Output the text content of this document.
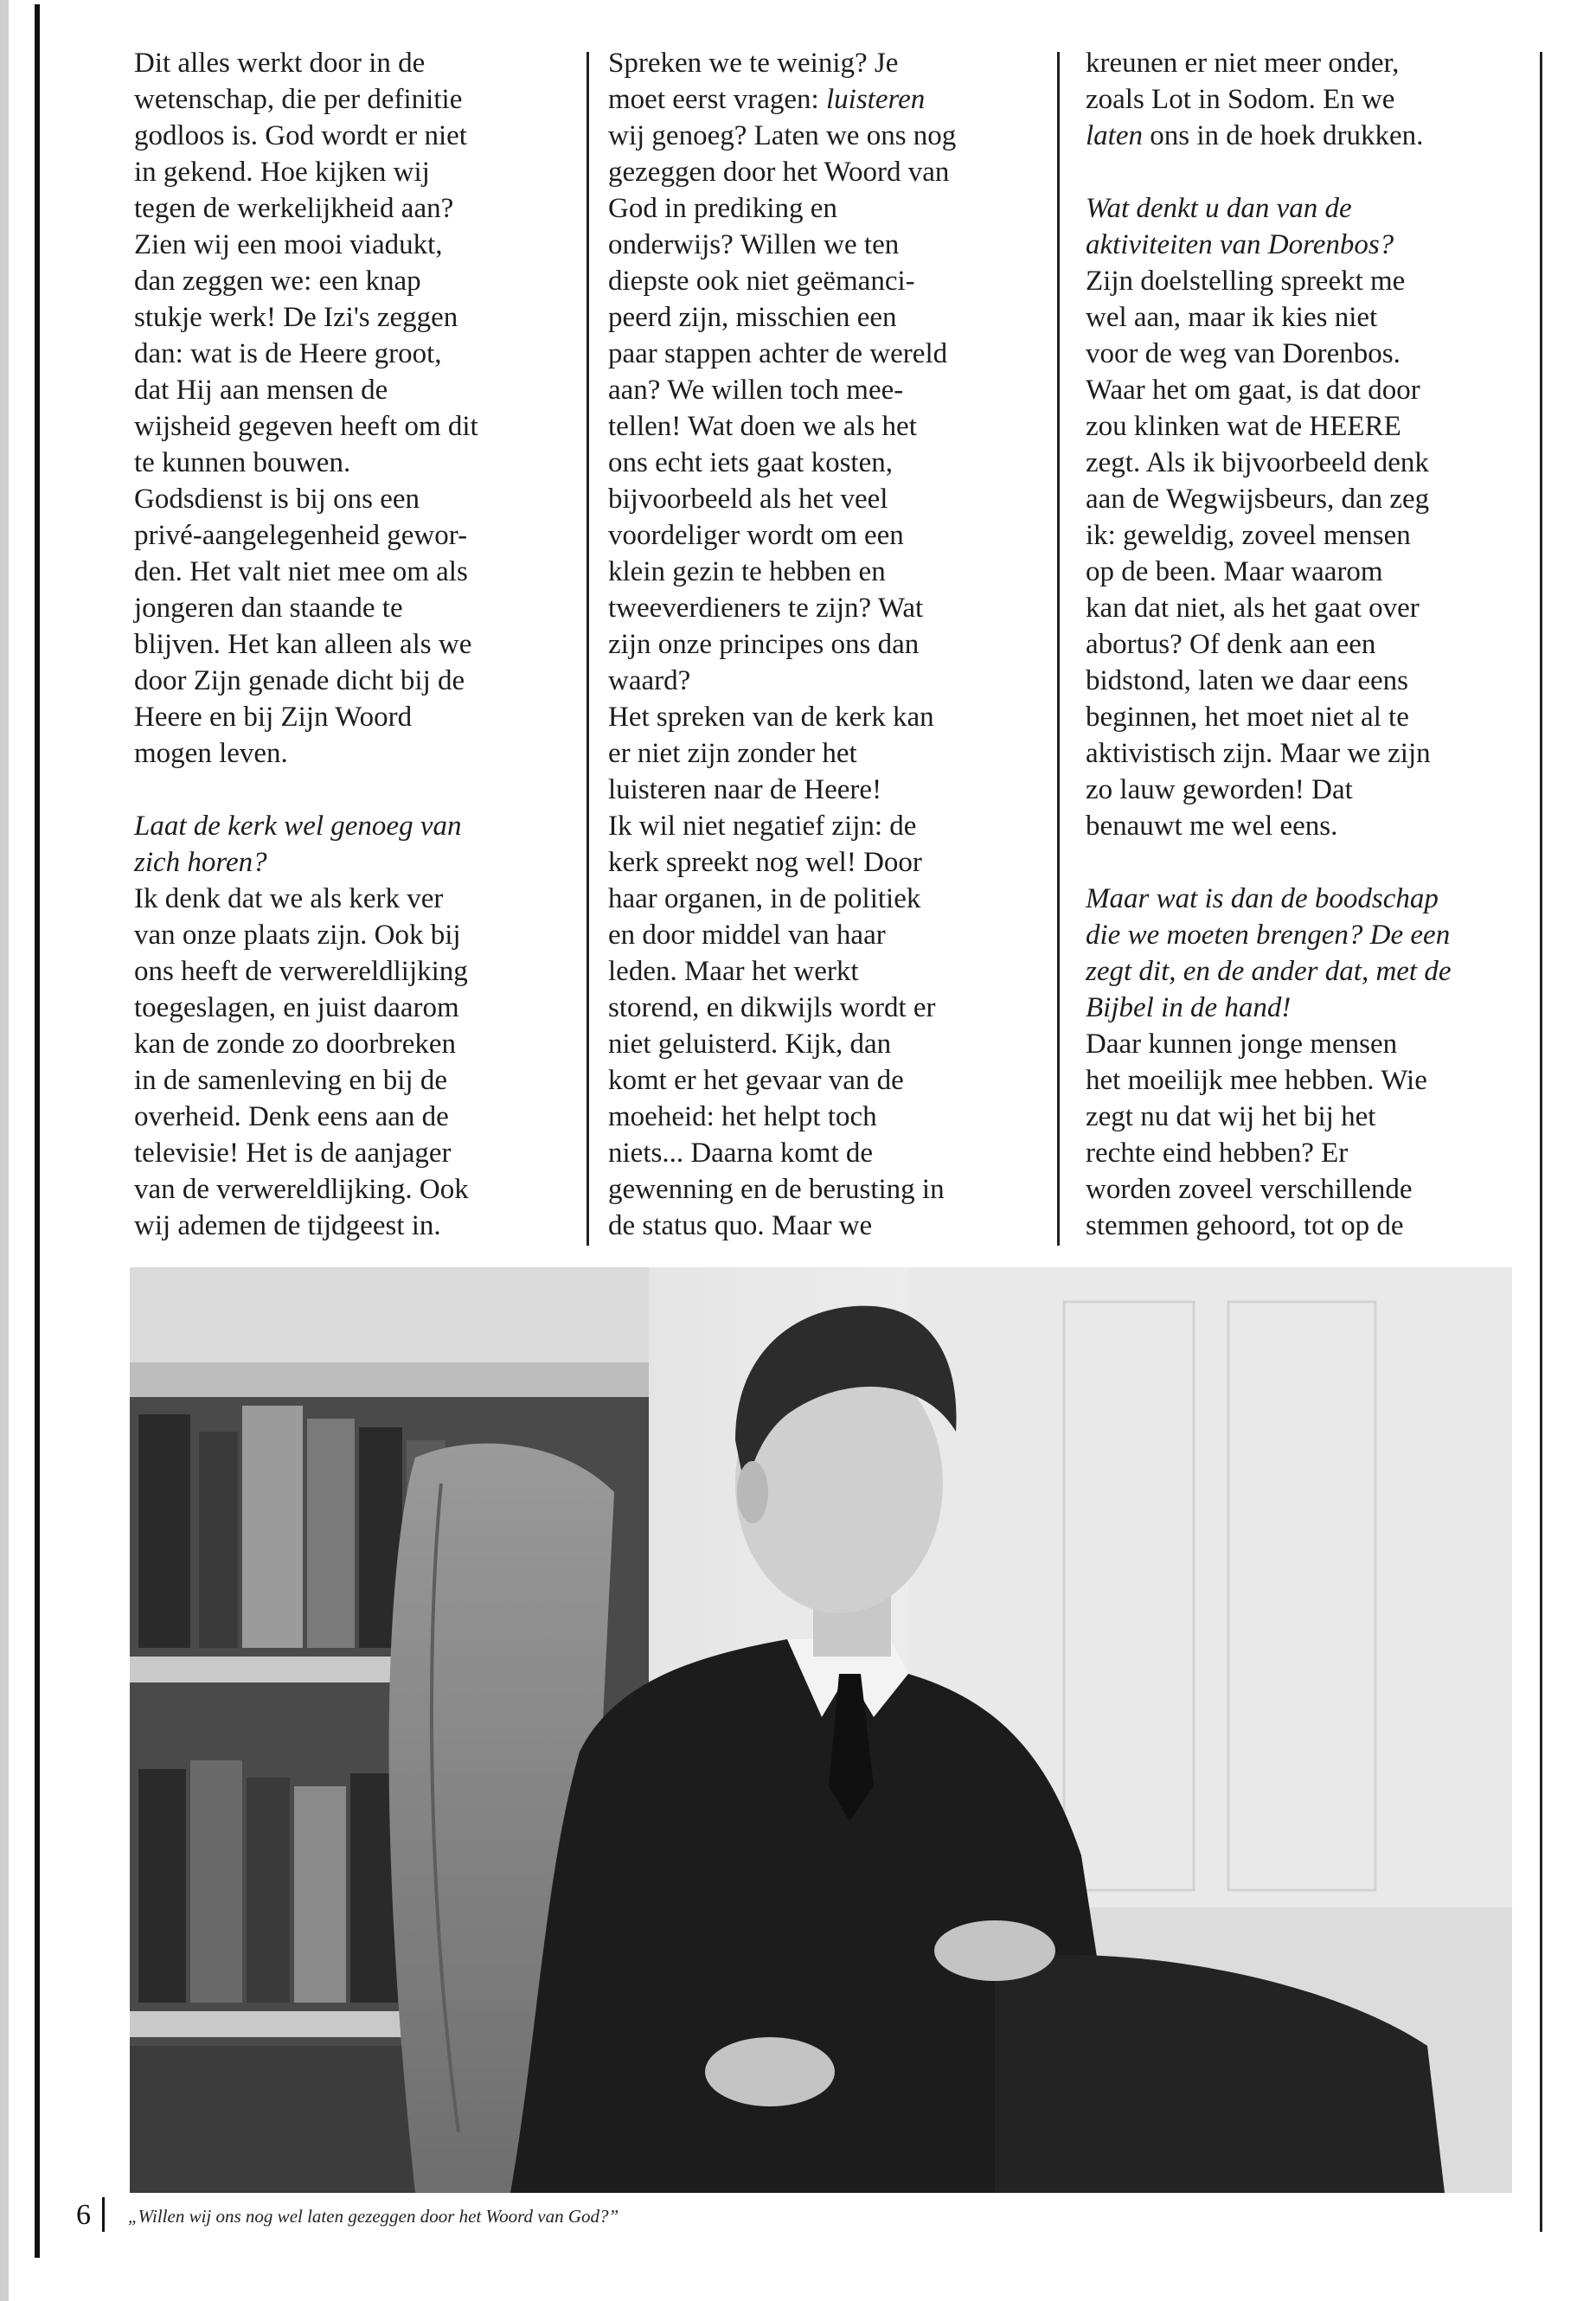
Dit alles werkt door in de
wetenschap, die per definitie
godloos is. God wordt er niet
in gekend. Hoe kijken wij
tegen de werkelijkheid aan?
Zien wij een mooi viadukt,
dan zeggen we: een knap
stukje werk! De Izi's zeggen
dan: wat is de Heere groot,
dat Hij aan mensen de
wijsheid gegeven heeft om dit
te kunnen bouwen.
Godsdienst is bij ons een
privé-aangelegenheid gewor-
den. Het valt niet mee om als
jongeren dan staande te
blijven. Het kan alleen als we
door Zijn genade dicht bij de
Heere en bij Zijn Woord
mogen leven.

Laat de kerk wel genoeg van
zich horen?

Ik denk dat we als kerk ver
van onze plaats zijn. Ook bij
ons heeft de verwereldlijking
toegeslagen, en juist daarom
kan de zonde zo doorbreken
in de samenleving en bij de
overheid. Denk eens aan de
televisie! Het is de aanjager
van de verwereldlijking. Ook
wij ademen de tijdgeest in.

Spreken we te weinig? Je
moet eerst vragen: luisteren
wij genoeg? Laten we ons nog
gezeggen door het Woord van
God in prediking en
onderwijs? Willen we ten
diepste ook niet geëmanci-
peerd zijn, misschien een
paar stappen achter de wereld
aan? We willen toch mee-
tellen! Wat doen we als het
ons echt iets gaat kosten,
bijvoorbeeld als het veel
voordeliger wordt om een
klein gezin te hebben en
tweeverdieners te zijn? Wat
zijn onze principes ons dan
waard?
Het spreken van de kerk kan
er niet zijn zonder het
luisteren naar de Heere!
Ik wil niet negatief zijn: de
kerk spreekt nog wel! Door
haar organen, in de politiek
en door middel van haar
leden. Maar het werkt
storend, en dikwijls wordt er
niet geluisterd. Kijk, dan
komt er het gevaar van de
moeheid: het helpt toch
niets... Daarna komt de
gewenning en de berusting in
de status quo. Maar we

kreunen er niet meer onder,
zoals Lot in Sodom. En we
laten ons in de hoek drukken.

Wat denkt u dan van de
aktiviteiten van Dorenbos?

Zijn doelstelling spreekt me
wel aan, maar ik kies niet
voor de weg van Dorenbos.
Waar het om gaat, is dat door
zou klinken wat de HEERE
zegt. Als ik bijvoorbeeld denk
aan de Wegwijsbeurs, dan zeg
ik: geweldig, zoveel mensen
op de been. Maar waarom
kan dat niet, als het gaat over
abortus? Of denk aan een
bidstond, laten we daar eens
beginnen, het moet niet al te
aktivistisch zijn. Maar we zijn
zo lauw geworden! Dat
benauwt me wel eens.

Maar wat is dan de boodschap
die we moeten brengen? De een
zegt dit, en de ander dat, met de
Bijbel in de hand!

Daar kunnen jonge mensen
het moeilijk mee hebben. Wie
zegt nu dat wij het bij het
rechte eind hebben? Er
worden zoveel verschillende
stemmen gehoord, tot op de

6 „Willen wij ons nog wel laten gezeggen door het Woord van God?”
